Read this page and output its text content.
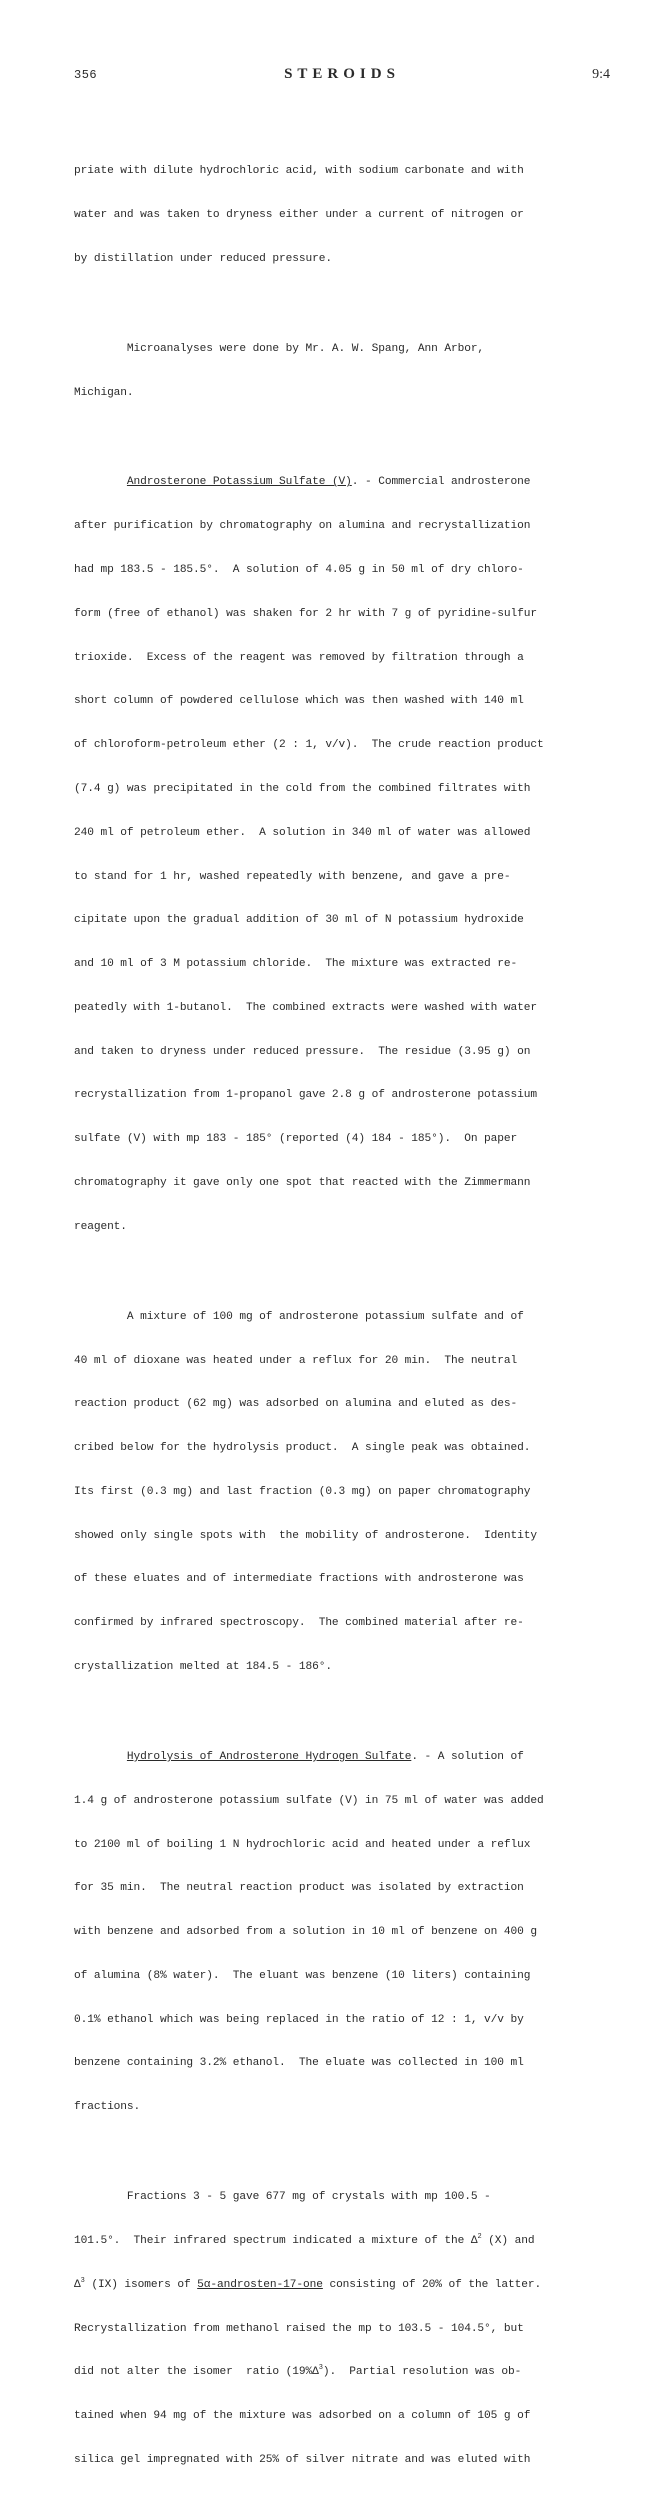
356	STEROIDS	9:4

priate with dilute hydrochloric acid, with sodium carbonate and with

water and was taken to dryness either under a current of nitrogen or

by distillation under reduced pressure.

Microanalyses were done by Mr. A. W. Spang, Ann Arbor,

Michigan.

Androsterone Potassium Sulfate (V). - Commercial androsterone

after purification by chromatography on alumina and recrystallization

had mp 183.5 - 185.5°.  A solution of 4.05 g in 50 ml of dry chloro-

form (free of ethanol) was shaken for 2 hr with 7 g of pyridine-sulfur

trioxide.  Excess of the reagent was removed by filtration through a

short column of powdered cellulose which was then washed with 140 ml

of chloroform-petroleum ether (2 : 1, v/v).  The crude reaction product

(7.4 g) was precipitated in the cold from the combined filtrates with

240 ml of petroleum ether.  A solution in 340 ml of water was allowed

to stand for 1 hr, washed repeatedly with benzene, and gave a pre-

cipitate upon the gradual addition of 30 ml of N potassium hydroxide

and 10 ml of 3 M potassium chloride.  The mixture was extracted re-

peatedly with 1-butanol.  The combined extracts were washed with water

and taken to dryness under reduced pressure.  The residue (3.95 g) on

recrystallization from 1-propanol gave 2.8 g of androsterone potassium

sulfate (V) with mp 183 - 185° (reported (4) 184 - 185°).  On paper

chromatography it gave only one spot that reacted with the Zimmermann

reagent.

A mixture of 100 mg of androsterone potassium sulfate and of

40 ml of dioxane was heated under a reflux for 20 min.  The neutral

reaction product (62 mg) was adsorbed on alumina and eluted as des-

cribed below for the hydrolysis product.  A single peak was obtained.

Its first (0.3 mg) and last fraction (0.3 mg) on paper chromatography

showed only single spots with  the mobility of androsterone.  Identity

of these eluates and of intermediate fractions with androsterone was

confirmed by infrared spectroscopy.  The combined material after re-

crystallization melted at 184.5 - 186°.

Hydrolysis of Androsterone Hydrogen Sulfate. - A solution of

1.4 g of androsterone potassium sulfate (V) in 75 ml of water was added

to 2100 ml of boiling 1 N hydrochloric acid and heated under a reflux

for 35 min.  The neutral reaction product was isolated by extraction

with benzene and adsorbed from a solution in 10 ml of benzene on 400 g

of alumina (8% water).  The eluant was benzene (10 liters) containing

0.1% ethanol which was being replaced in the ratio of 12 : 1, v/v by

benzene containing 3.2% ethanol.  The eluate was collected in 100 ml

fractions.

Fractions 3 - 5 gave 677 mg of crystals with mp 100.5 -

101.5°.  Their infrared spectrum indicated a mixture of the $\Delta^2$ (X) and

$\Delta^3$ (IX) isomers of 5α-androsten-17-one consisting of 20% of the latter.

Recrystallization from methanol raised the mp to 103.5 - 104.5°, but

did not alter the isomer  ratio $(19\%\Delta^3)$.  Partial resolution was ob-

tained when 94 mg of the mixture was adsorbed on a column of 105 g of

silica gel impregnated with 25% of silver nitrate and was eluted with
